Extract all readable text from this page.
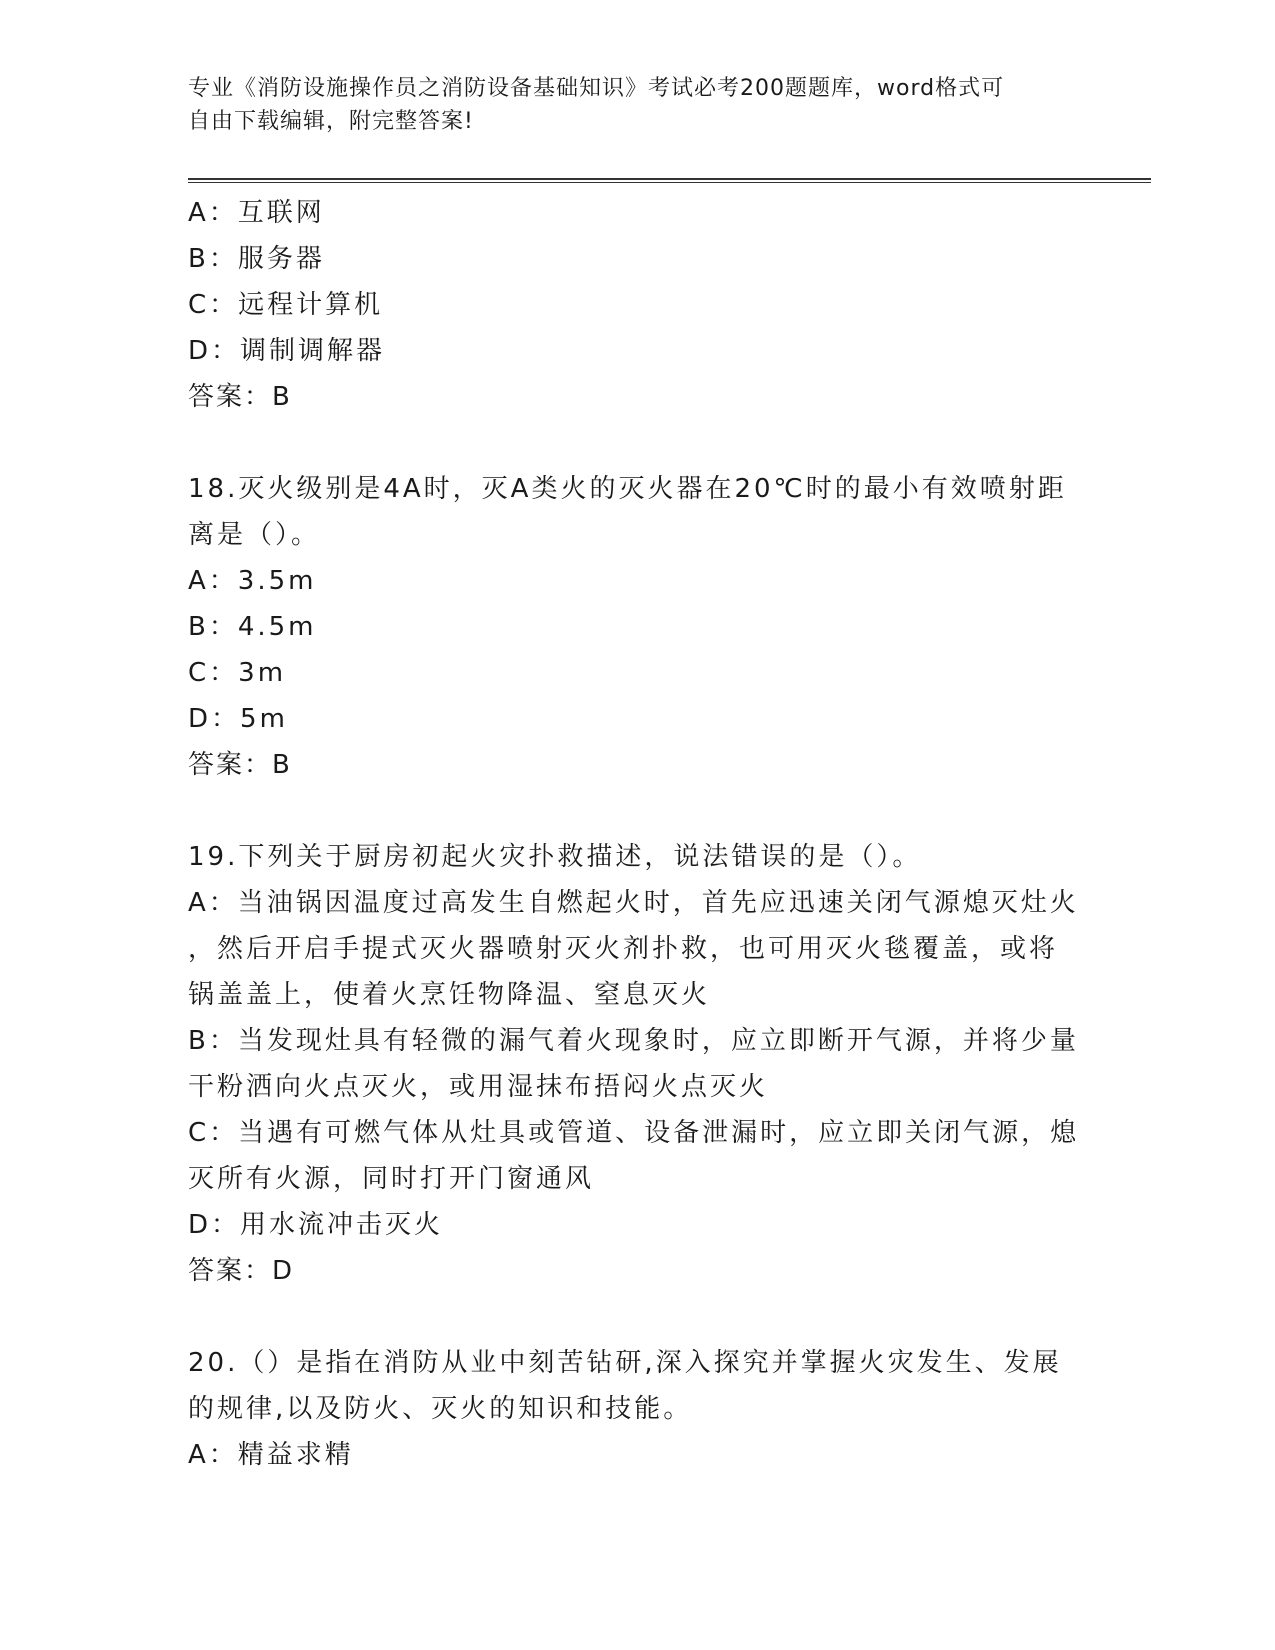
专业《消防设施操作员之消防设备基础知识》考试必考200题题库，word格式可
自由下载编辑，附完整答案!
A：互联网
B：服务器
C：远程计算机
D：调制调解器
答案：B
18.灭火级别是4A时，灭A类火的灭火器在20℃时的最小有效喷射距
离是（）。
A：3.5m
B：4.5m
C：3m
D：5m
答案：B
19.下列关于厨房初起火灾扑救描述，说法错误的是（）。
A：当油锅因温度过高发生自燃起火时，首先应迅速关闭气源熄灭灶火
，然后开启手提式灭火器喷射灭火剂扑救，也可用灭火毯覆盖，或将
锅盖盖上，使着火烹饪物降温、窒息灭火
B：当发现灶具有轻微的漏气着火现象时，应立即断开气源，并将少量
干粉洒向火点灭火，或用湿抹布捂闷火点灭火
C：当遇有可燃气体从灶具或管道、设备泄漏时，应立即关闭气源，熄
灭所有火源，同时打开门窗通风
D：用水流冲击灭火
答案：D
20.（）是指在消防从业中刻苦钻研,深入探究并掌握火灾发生、发展
的规律,以及防火、灭火的知识和技能。
A：精益求精
